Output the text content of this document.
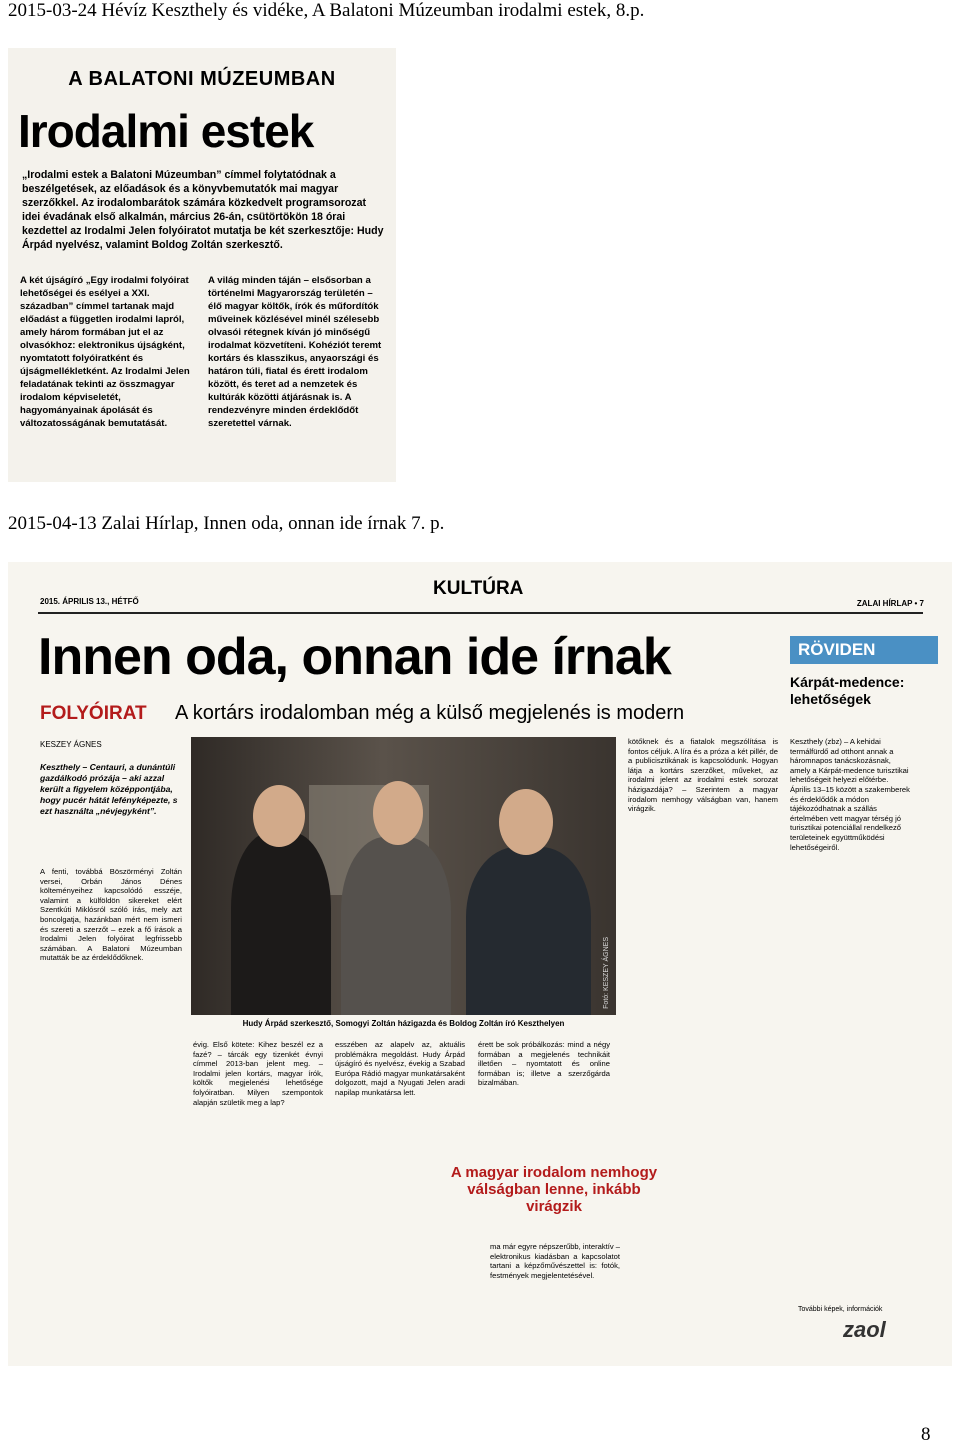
2015-03-24 Hévíz Keszthely és vidéke, A Balatoni Múzeumban irodalmi estek, 8.p.
A BALATONI MÚZEUMBAN
Irodalmi estek

„Irodalmi estek a Balatoni Múzeumban” címmel folytatódnak a beszélgetések, az előadások és a könyvbemutatók mai magyar szerzőkkel. Az irodalombarátok számára közkedvelt programsorozat idei évadának első alkalmán, március 26-án, csütörtökön 18 órai kezdettel az Irodalmi Jelen folyóiratot mutatja be két szerkesztője: Hudy Árpád nyelvész, valamint Boldog Zoltán szerkesztő.

A két újságíró „Egy irodalmi folyóirat lehetőségei és esélyei a XXI. században” címmel tartanak majd előadást a független irodalmi lapról, amely három formában jut el az olvasókhoz: elektronikus újságként, nyomtatott folyóiratként és újságmellékletként. Az Irodalmi Jelen feladatának tekinti az összmagyar irodalom képviseletét, hagyományainak ápolását és változatosságának bemutatását.

A világ minden táján – elsősorban a történelmi Magyarország területén – élő magyar költők, írók és műfordítók műveinek közlésével minél szélesebb olvasói rétegnek kíván jó minőségű irodalmat közvetíteni. Kohéziót teremt kortárs és klasszikus, anyaországi és határon túli, fiatal és érett irodalom között, és teret ad a nemzetek és kultúrák közötti átjárásnak is. A rendezvényre minden érdeklődőt szeretettel várnak.

2015-04-13 Zalai Hírlap, Innen oda, onnan ide írnak 7. p.
2015. ÁPRILIS 13., HÉTFŐ
KULTÚRA
ZALAI HÍRLAP • 7
Innen oda, onnan ide írnak
FOLYÓIRAT A kortárs irodalomban még a külső megjelenés is modern

KESZEY ÁGNES

Keszthely – Centauri, a dunántúli gazdálkodó prózája – aki azzal került a figyelem középpontjába, hogy pucér hátát lefényképezte, s ezt használta „névjegyként”.

Fotó: KESZEY ÁGNES
Hudy Árpád szerkesztő, Somogyi Zoltán házigazda és Boldog Zoltán író Keszthelyen

A fenti, továbbá Böszörményi Zoltán versei, Orbán János Dénes költeményeihez kapcsolódó esszéje, valamint a külföldön sikereket elért Szentkúti Miklósról szóló írás, mely azt boncolgatja, hazánkban mért nem ismeri és szereti a szerzőt – ezek a fő írások a Irodalmi Jelen folyóirat legfrissebb számában. A Balatoni Múzeumban mutatták be az érdeklődőknek.

évig. Első kötete: Kihez beszél ez a fazé? – tárcák egy tizenkét évnyi címmel 2013-ban jelent meg. – Irodalmi jelen kortárs, magyar írók, költők megjelenési lehetősége folyóiratban. Milyen szempontok alapján születik meg a lap?

esszében az alapelv az, aktuális problémákra megoldást. Hudy Árpád újságíró és nyelvész, évekig a Szabad Európa Rádió magyar munkatársaként dolgozott, majd a Nyugati Jelen aradi napilap munkatársa lett.

érett be sok próbálkozás: mind a négy formában a megjelenés technikáit illetően – nyomtatott és online formában is; illetve a szerzőgárda bizalmában.

kötőknek és a fiatalok megszólítása is fontos céljuk. A líra és a próza a két pillér, de a publicisztikának is kapcsolódunk. Hogyan látja a kortárs szerzőket, műveket, az irodalmi jelent az irodalmi estek sorozat házigazdája? – Szerintem a magyar irodalom nemhogy válságban van, hanem virágzik.

A magyar irodalom nemhogy válságban lenne, inkább virágzik

ma már egyre népszerűbb, interaktív – elektronikus kiadásban a kapcsolatot tartani a képzőművészettel is: fotók, festmények megjelentetésével.

RÖVIDEN

Kárpát-medence: lehetőségek

Keszthely (zbz) – A kehidai termálfürdő ad otthont annak a háromnapos tanácskozásnak, amely a Kárpát-medence turisztikai lehetőségeit helyezi előtérbe. Április 13–15 között a szakemberek és érdeklődők a módon tájékozódhatnak a szállás értelmében vett magyar térség jó turisztikai potenciállal rendelkező területeinek együttműködési lehetőségeiről.

További képek, információk
zaol
8
